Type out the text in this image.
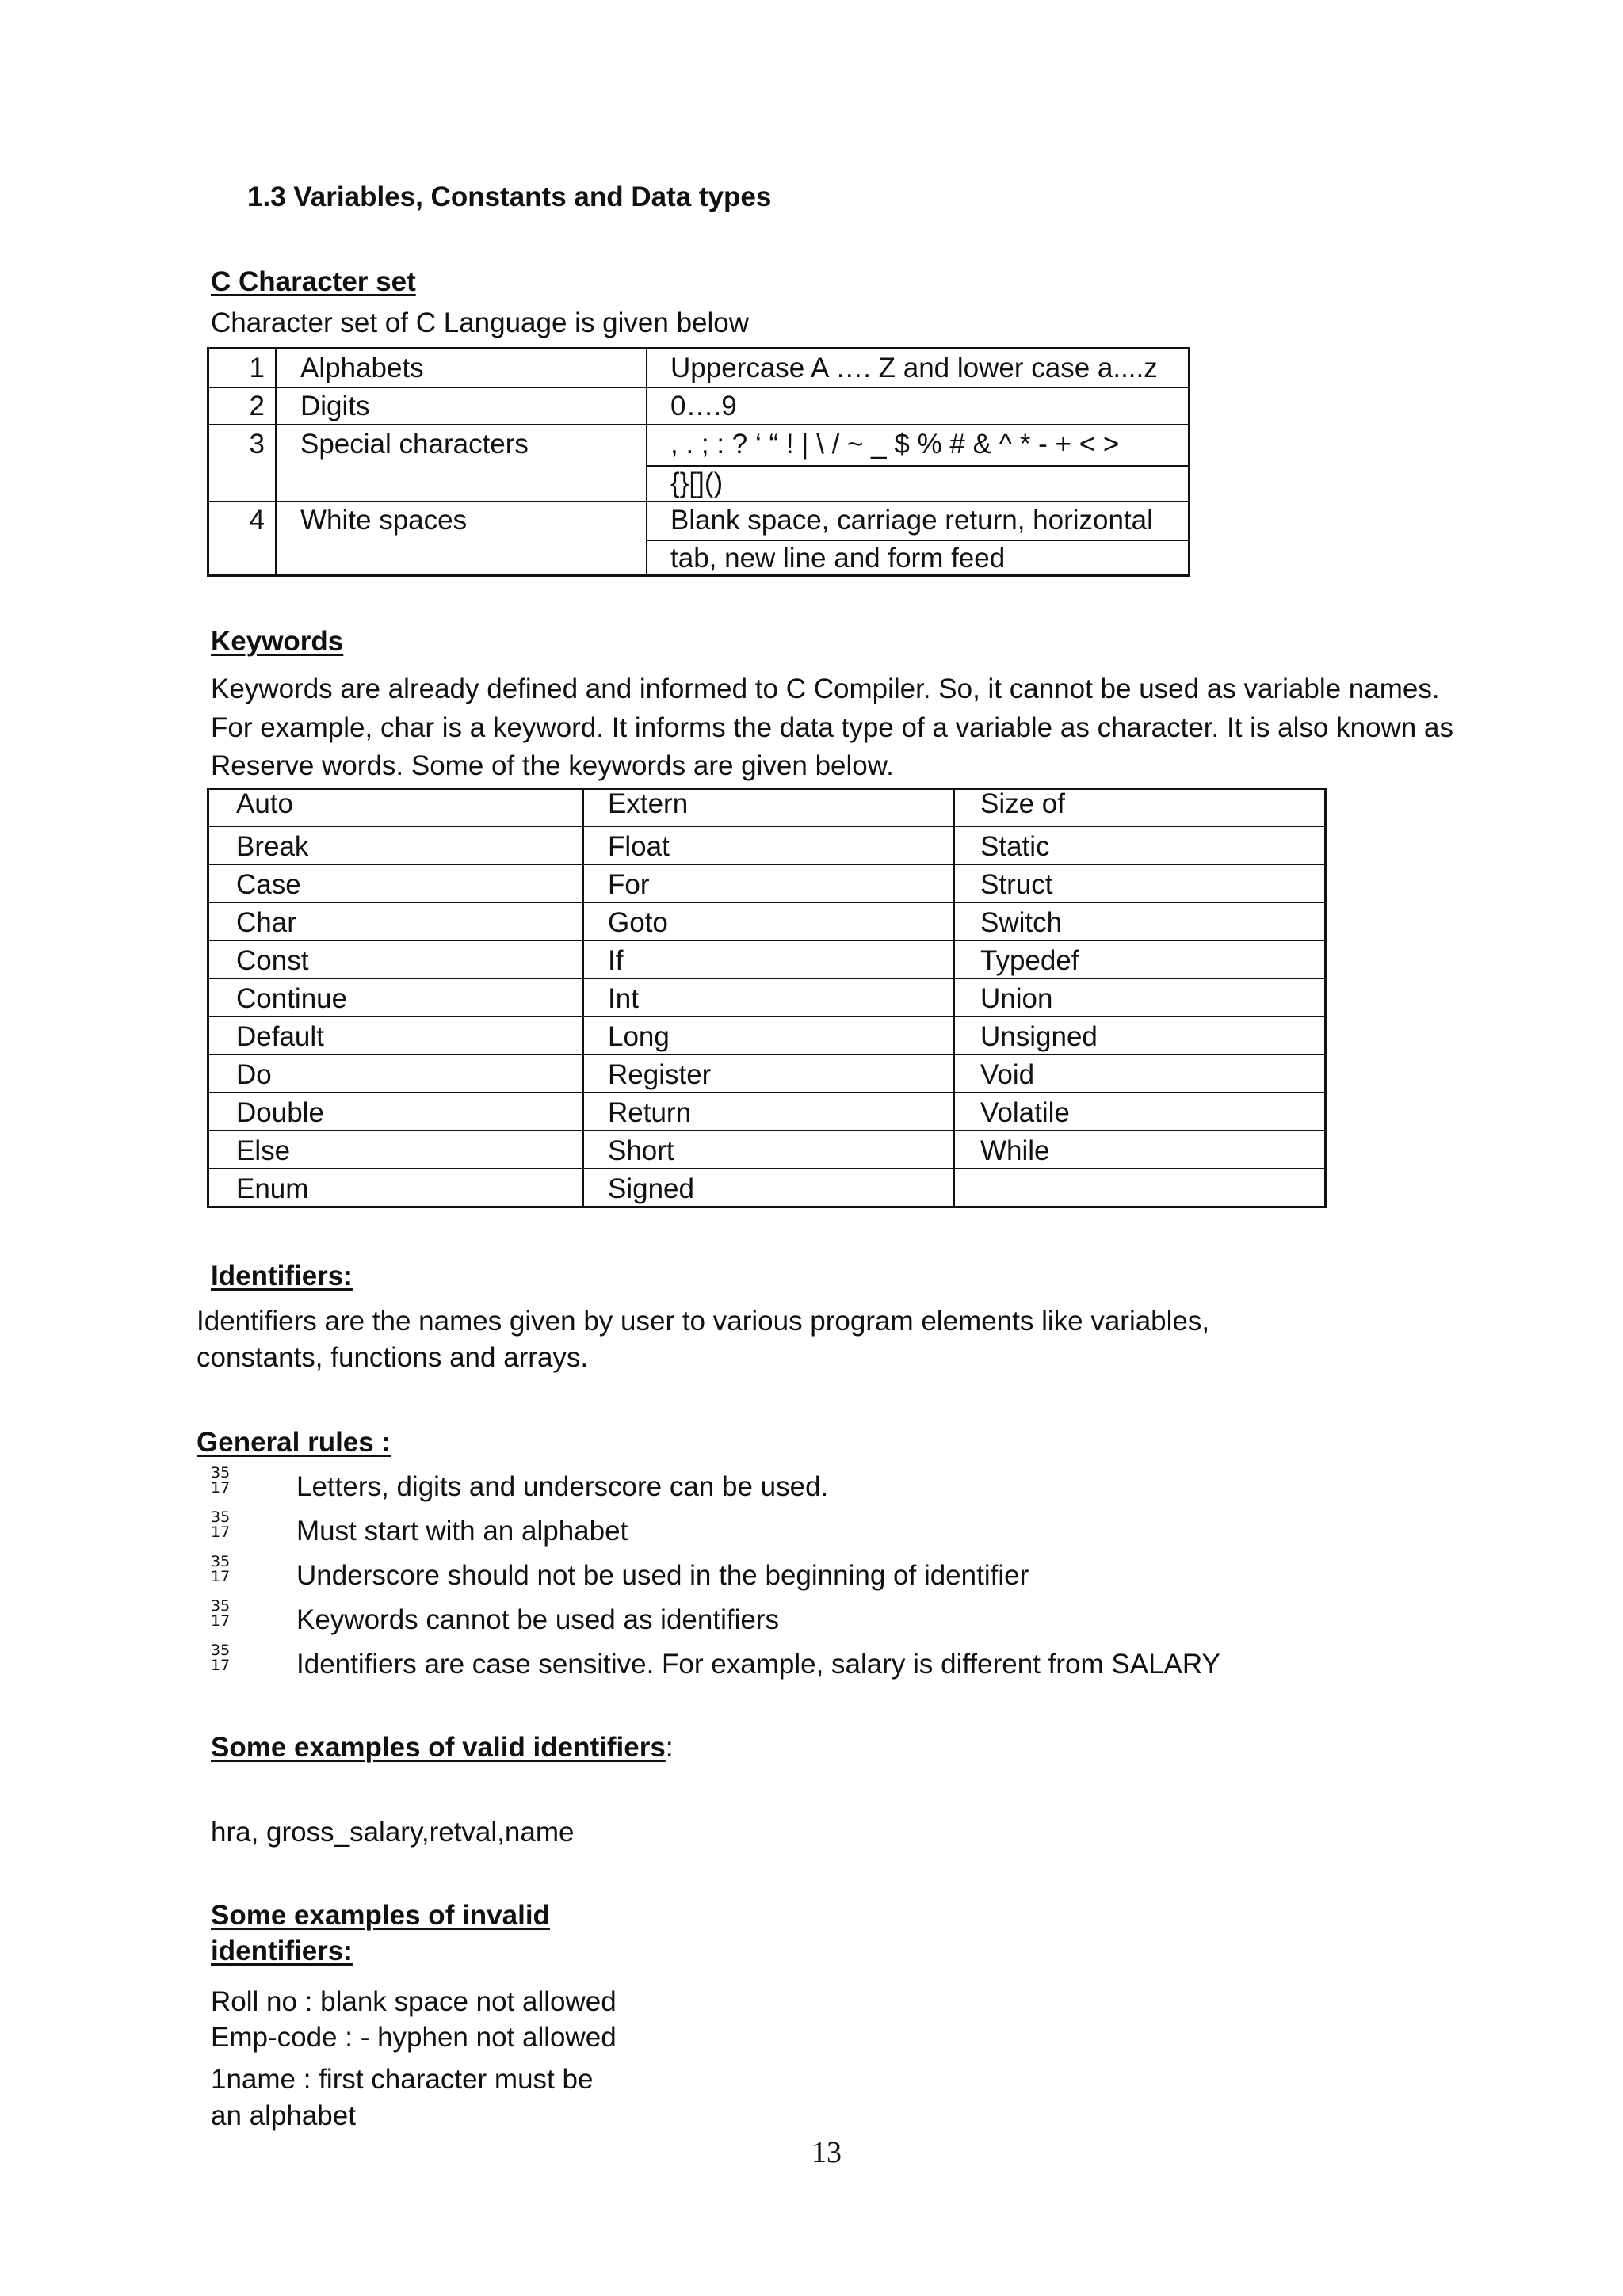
1.3 Variables, Constants and Data types
C Character set
Character set of C Language is given below
1 Alphabets	Uppercase A …. Z and lower case a....z
2 Digits	0….9
3 Special characters	, . ; : ? ‘ “ ! | \ / ~ _ $ % # & ^ * - + < >
{}[]()
4 White spaces	Blank space, carriage return, horizontal
tab, new line and form feed
Keywords
Keywords are already defined and informed to C Compiler. So, it cannot be used as variable names.
For example, char is a keyword. It informs the data type of a variable as character. It is also known as
Reserve words. Some of the keywords are given below.
Auto	Extern	Size of
Break	Float	Static
Case	For	Struct
Char	Goto	Switch
Const	If	Typedef
Continue	Int	Union
Default	Long	Unsigned
Do	Register	Void
Double	Return	Volatile
Else	Short	While
Enum	Signed
Identifiers:
Identifiers are the names given by user to various program elements like variables,
constants, functions and arrays.
General rules :
35
17 Letters, digits and underscore can be used.
35
17 Must start with an alphabet
35
17 Underscore should not be used in the beginning of identifier
35
17 Keywords cannot be used as identifiers
35
17 Identifiers are case sensitive. For example, salary is different from SALARY
Some examples of valid identifiers:
hra, gross_salary,retval,name
Some examples of invalid
identifiers:
Roll no : blank space not allowed
Emp-code : - hyphen not allowed
1name : first character must be
an alphabet
13
